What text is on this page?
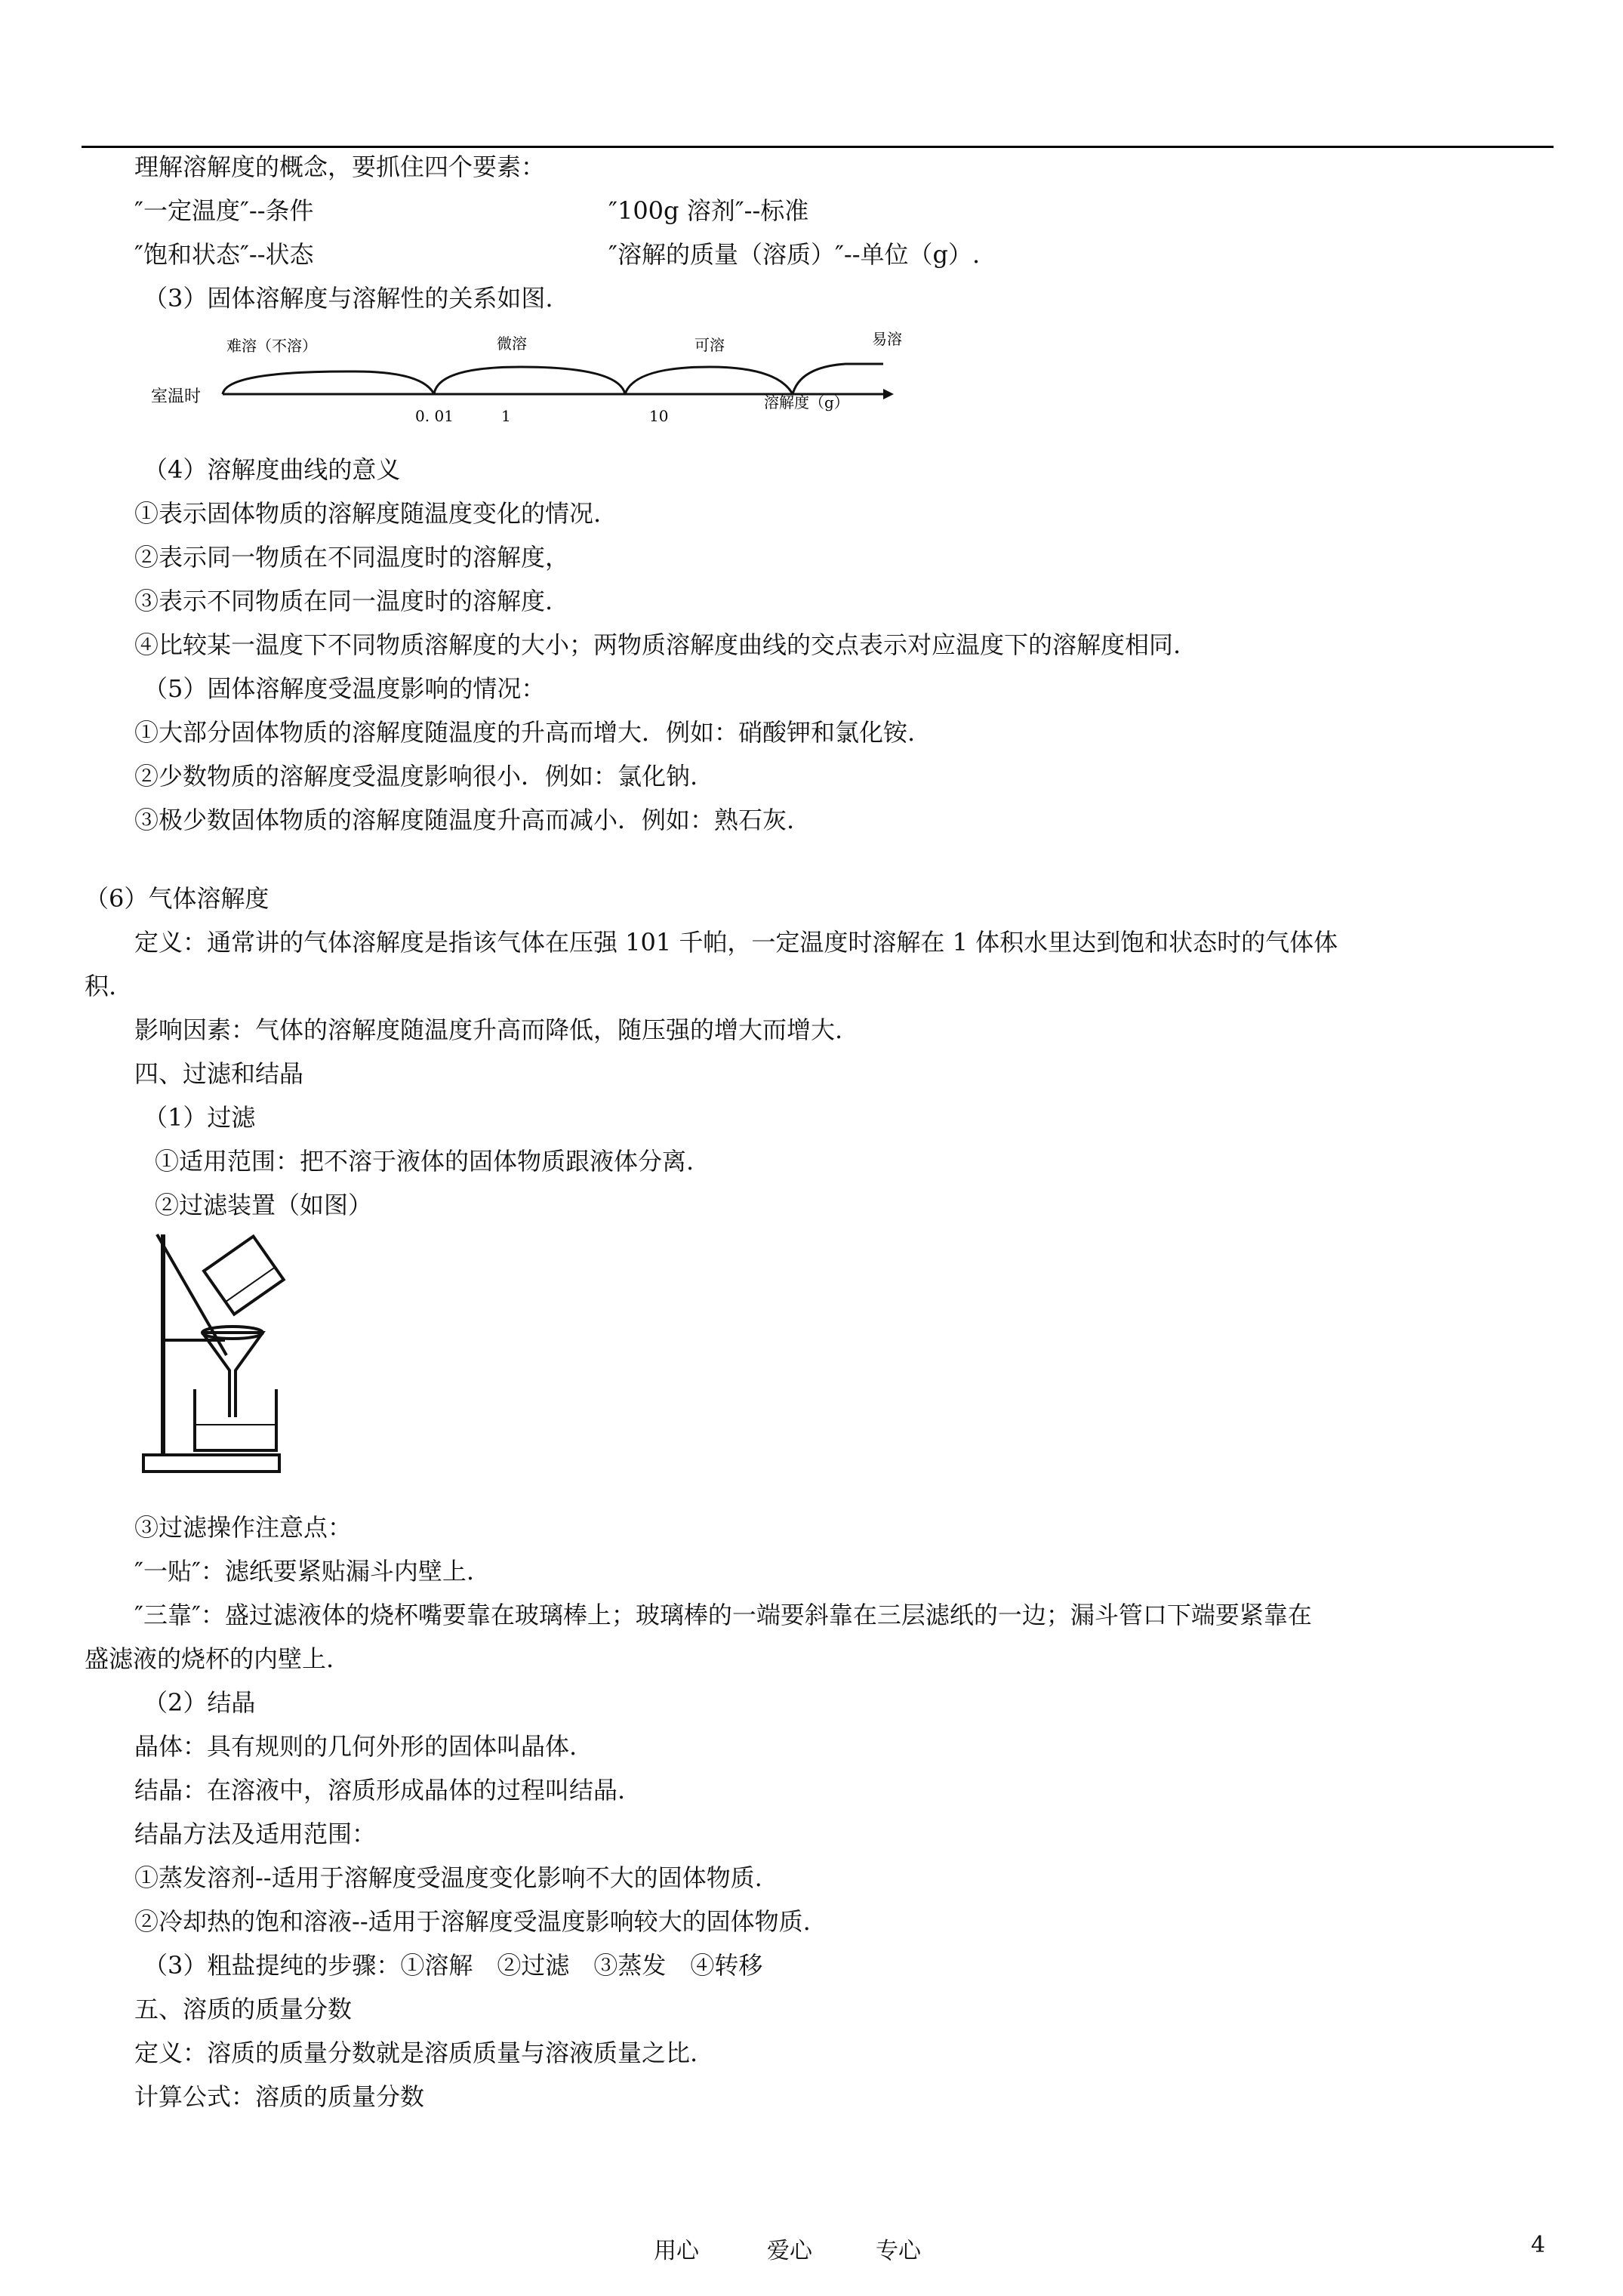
理解溶解度的概念，要抓住四个要素：
″一定温度″--条件	″100g 溶剂″--标准
″饱和状态″--状态	″溶解的质量（溶质）″--单位（g）.
（3）固体溶解度与溶解性的关系如图.
室温时
难溶（不溶）	微溶	可溶	易溶
0. 01	1	10
溶解度（g）
（4）溶解度曲线的意义
①表示固体物质的溶解度随温度变化的情况.
②表示同一物质在不同温度时的溶解度，
③表示不同物质在同一温度时的溶解度.
④比较某一温度下不同物质溶解度的大小；两物质溶解度曲线的交点表示对应温度下的溶解度相同.
（5）固体溶解度受温度影响的情况：
①大部分固体物质的溶解度随温度的升高而增大．例如：硝酸钾和氯化铵.
②少数物质的溶解度受温度影响很小．例如：氯化钠.
③极少数固体物质的溶解度随温度升高而减小．例如：熟石灰.
（6）气体溶解度
定义：通常讲的气体溶解度是指该气体在压强 101 千帕，一定温度时溶解在 1 体积水里达到饱和状态时的气体体
积.
影响因素：气体的溶解度随温度升高而降低，随压强的增大而增大.
四、过滤和结晶
（1）过滤
①适用范围：把不溶于液体的固体物质跟液体分离.
②过滤装置（如图）
③过滤操作注意点：
″一贴″：滤纸要紧贴漏斗内壁上.
″三靠″：盛过滤液体的烧杯嘴要靠在玻璃棒上；玻璃棒的一端要斜靠在三层滤纸的一边；漏斗管口下端要紧靠在
盛滤液的烧杯的内壁上.
（2）结晶
晶体：具有规则的几何外形的固体叫晶体.
结晶：在溶液中，溶质形成晶体的过程叫结晶.
结晶方法及适用范围：
①蒸发溶剂--适用于溶解度受温度变化影响不大的固体物质.
②冷却热的饱和溶液--适用于溶解度受温度影响较大的固体物质.
（3）粗盐提纯的步骤：①溶解　②过滤　③蒸发　④转移
五、溶质的质量分数
定义：溶质的质量分数就是溶质质量与溶液质量之比.
计算公式：溶质的质量分数
用心	爱心	专心	4
